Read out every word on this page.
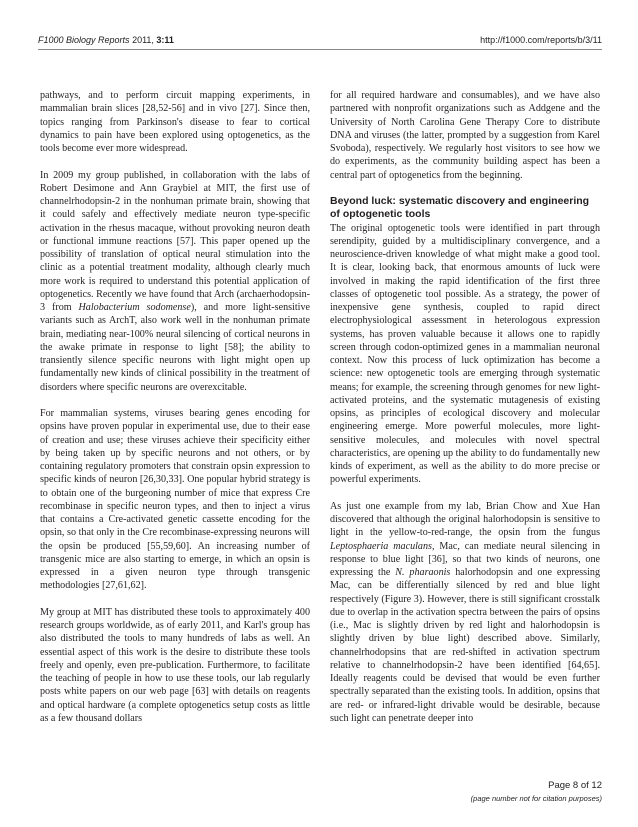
F1000 Biology Reports 2011, 3:11	http://f1000.com/reports/b/3/11

pathways, and to perform circuit mapping experiments, in mammalian brain slices [28,52-56] and in vivo [27]. Since then, topics ranging from Parkinson's disease to fear to cortical dynamics to pain have been explored using optogenetics, as the tools become ever more widespread.

In 2009 my group published, in collaboration with the labs of Robert Desimone and Ann Graybiel at MIT, the first use of channelrhodopsin-2 in the nonhuman primate brain, showing that it could safely and effectively mediate neuron type-specific activation in the rhesus macaque, without provoking neuron death or functional immune reactions [57]. This paper opened up the possibility of translation of optical neural stimulation into the clinic as a potential treatment modality, although clearly much more work is required to understand this potential application of optogenetics. Recently we have found that Arch (archaerhodopsin-3 from Halobacterium sodomense), and more light-sensitive variants such as ArchT, also work well in the nonhuman primate brain, mediating near-100% neural silencing of cortical neurons in the awake primate in response to light [58]; the ability to transiently silence specific neurons with light might open up fundamentally new kinds of clinical possibility in the treatment of disorders where specific neurons are overexcitable.

For mammalian systems, viruses bearing genes encoding for opsins have proven popular in experimental use, due to their ease of creation and use; these viruses achieve their specificity either by being taken up by specific neurons and not others, or by containing regulatory promoters that constrain opsin expression to specific kinds of neuron [26,30,33]. One popular hybrid strategy is to obtain one of the burgeoning number of mice that express Cre recombinase in specific neuron types, and then to inject a virus that contains a Cre-activated genetic cassette encoding for the opsin, so that only in the Cre recombinase-expressing neurons will the opsin be produced [55,59,60]. An increasing number of transgenic mice are also starting to emerge, in which an opsin is expressed in a given neuron type through transgenic methodologies [27,61,62].

My group at MIT has distributed these tools to approximately 400 research groups worldwide, as of early 2011, and Karl's group has also distributed the tools to many hundreds of labs as well. An essential aspect of this work is the desire to distribute these tools freely and openly, even pre-publication. Furthermore, to facilitate the teaching of people in how to use these tools, our lab regularly posts white papers on our web page [63] with details on reagents and optical hardware (a complete optogenetics setup costs as little as a few thousand dollars

for all required hardware and consumables), and we have also partnered with nonprofit organizations such as Addgene and the University of North Carolina Gene Therapy Core to distribute DNA and viruses (the latter, prompted by a suggestion from Karel Svoboda), respectively. We regularly host visitors to see how we do experiments, as the community building aspect has been a central part of optogenetics from the beginning.

Beyond luck: systematic discovery and engineering of optogenetic tools

The original optogenetic tools were identified in part through serendipity, guided by a multidisciplinary convergence, and a neuroscience-driven knowledge of what might make a good tool. It is clear, looking back, that enormous amounts of luck were involved in making the rapid identification of the first three classes of optogenetic tool possible. As a strategy, the power of inexpensive gene synthesis, coupled to rapid direct electrophysiological assessment in heterologous expression systems, has proven valuable because it allows one to rapidly screen through codon-optimized genes in a mammalian neuronal context. Now this process of luck optimization has become a science: new optogenetic tools are emerging through systematic means; for example, the screening through genomes for new light-activated proteins, and the systematic mutagenesis of existing opsins, as principles of ecological discovery and molecular engineering emerge. More powerful molecules, more light-sensitive molecules, and molecules with novel spectral characteristics, are opening up the ability to do fundamentally new kinds of experiment, as well as the ability to do more precise or powerful experiments.

As just one example from my lab, Brian Chow and Xue Han discovered that although the original halorhodopsin is sensitive to light in the yellow-to-red-range, the opsin from the fungus Leptosphaeria maculans, Mac, can mediate neural silencing in response to blue light [36], so that two kinds of neurons, one expressing the N. pharaonis halorhodopsin and one expressing Mac, can be differentially silenced by red and blue light respectively (Figure 3). However, there is still significant crosstalk due to overlap in the activation spectra between the pairs of opsins (i.e., Mac is slightly driven by red light and halorhodopsin is slightly driven by blue light) described above. Similarly, channelrhodopsins that are red-shifted in activation spectrum relative to channelrhodopsin-2 have been identified [64,65]. Ideally reagents could be devised that would be even further spectrally separated than the existing tools. In addition, opsins that are red- or infrared-light drivable would be desirable, because such light can penetrate deeper into

Page 8 of 12
(page number not for citation purposes)
